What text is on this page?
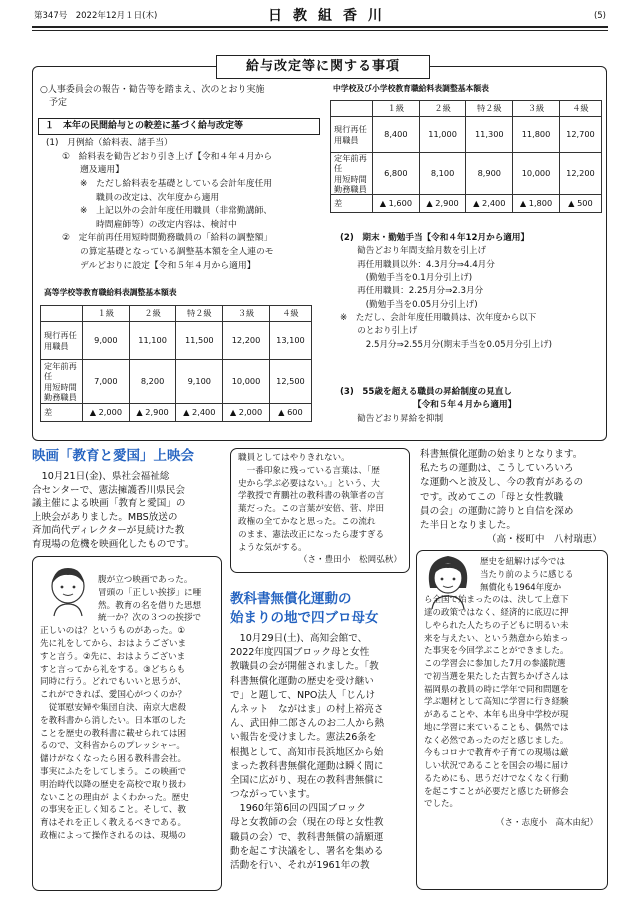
第347号　2022年12月１日(木)	日教組香川	(5)
給与改定等に関する事項
○人事委員会の報告・勧告等を踏まえ、次のとおり実施
　予定
１　本年の民間給与との較差に基づく給与改定等
(1)　月例給（給料表、諸手当）
①　給料表を勧告どおり引き上げ【令和４年４月から
遡及適用】
※　ただし給料表を基礎としている会計年度任用
職員の改定は、次年度から適用
※　上記以外の会計年度任用職員（非常勤講師、
時間雇師等）の改定内容は、検討中
②　定年前再任用短時間勤務職員の「給料の調整額」
の算定基礎となっている調整基本額を全人連のモ
デルどおりに設定【令和５年４月から適用】
高等学校等教育職給料表調整基本額表
	１級	２級	特２級	３級	４級

現行再任
用職員	9,000	11,100	11,500	12,200	13,100

定年前再任
用短時間
勤務職員	7,000	8,200	9,100	10,000	12,500
差	▲ 2,000	▲ 2,900	▲ 2,400	▲ 2,000	▲ 600
中学校及び小学校教育職給料表調整基本額表
	１級	２級	特２級	３級	４級

現行再任
用職員	8,400	11,000	11,300	11,800	12,700

定年前再任
用短時間
勤務職員	6,800	8,100	8,900	10,000	12,200
差	▲ 1,600	▲ 2,900	▲ 2,400	▲ 1,800	▲ 500
(2)　期末・勤勉手当【令和４年12月から適用】
　　勧告どおり年間支給月数を引上げ
　　再任用職員以外：4.3月分⇒4.4月分
　　　(勤勉手当を0.1月分引上げ)
　　再任用職員：2.25月分⇒2.3月分
　　　(勤勉手当を0.05月分引上げ)
※　ただし、会計年度任用職員は、次年度から以下
　　のとおり引上げ
　　　2.5月分⇒2.55月分(期末手当を0.05月分引上げ)
(3)　55歳を超える職員の昇給制度の見直し
　　　　　　　　　【令和５年４月から適用】
　　勧告どおり昇給を抑制
映画「教育と愛国」上映会
　10月21日(金)、県社会福祉総
合センターで、憲法擁護香川県民会
議主催による映画「教育と愛国」の
上映会がありました。MBS放送の
斉加尚代ディレクターが見続けた教
育現場の危機を映画化したものです。
腹が立つ映画であった。
冒頭の「正しい挨拶」に唖
然。教育の名を借りた思想
統一か？次の３つの挨拶で
正しいのは？というものがあった。①
先に礼をしてから、おはようございま
すと言う。②先に、おはようございま
すと言ってから礼をする。③どちらも
同時に行う。どれでもいいと思うが、
これができれば、愛国心がつくのか？
　従軍慰安婦や集団自決、南京大虐殺
を教科書から消したい。日本軍のした
ことを歴史の教科書に載せられては困
るので、文科省からのプレッシャー。
儲けがなくなったら困る教科書会社。
事実にふたをしてしまう。この映画で
明治時代以降の歴史を高校で取り扱わ
ないことの理由が よくわかった。歴史
の事実を正しく知ること。そして、教
育はそれを正しく教えるべきである。
政権によって操作されるのは、現場の
職員としてはやりきれない。
　一番印象に残っている言葉は、「歴
史から学ぶ必要はない。」という、大
学教授で育鵬社の教科書の執筆者の言
葉だった。この言葉が安倍、菅、岸田
政権の全てかなと思った。この流れ
のまま、憲法改正になったら凄すぎる
ような気がする。
（さ・豊田小　松岡弘秋）
教科書無償化運動の
始まりの地で四ブロ母女
　10月29日(土)、高知会館で、
2022年度四国ブロック母と女性
教職員の会が開催されました。「教
科書無償化運動の歴史を受け継い
で」と題して、NPO法人「じんけ
んネット　ながはま」の村上裕亮さ
ん、武田伸二郎さんのお二人から熱
い報告を受けました。憲法26条を
根拠として、高知市長浜地区から始
まった教科書無償化運動は瞬く間に
全国に広がり、現在の教科書無償に
つながっています。
　1960年第6回の四国ブロック
母と女教師の会（現在の母と女性教
職員の会）で、教科書無償の請願運
動を起こす決議をし、署名を集める
活動を行い、それが1961年の教
科書無償化運動の始まりとなります。
私たちの運動は、こうしていろいろ
な運動へと波及し、今の教育があるの
です。改めてこの「母と女性教職
員の会」の運動に誇りと自信を深め
た半日となりました。
（高・桜町中　八村瑞恵）
歴史を紐解けば今では
当たり前のように感じる
無償化も1964年度か
ら全国で始まったのは、決して上意下
達の政策ではなく、経済的に底辺に押
しやられた人たちの子どもに明るい未
来を与えたい、という熱意から始まっ
た事実を今回学ぶことができました。
この学習会に参加した7月の参議院選
で初当選を果たした古賀ちかげさんは
福岡県の教員の時に学年で同和問題を
学ぶ題材として高知に学習に行き経験
があることや、本年も出身中学校が現
地に学習に来ていることも、偶然では
なく必然であったのだと感じました。
今もコロナで教育や子育ての現場は厳
しい状況であることを国会の場に届け
るためにも、思うだけでなくなく行動
を起こすことが必要だと感じた研修会
でした。
（さ・志度小　高木由紀）
